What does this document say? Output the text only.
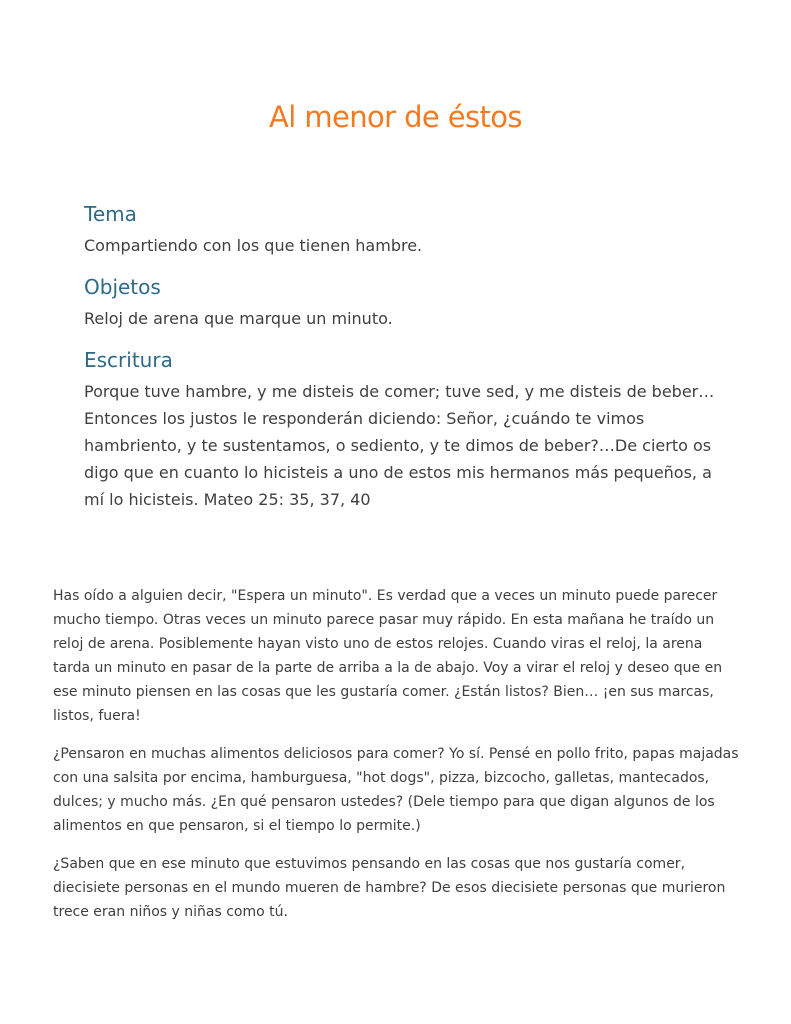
Al menor de éstos
Tema

Compartiendo con los que tienen hambre.

Objetos

Reloj de arena que marque un minuto.

Escritura

Porque tuve hambre, y me disteis de comer; tuve sed, y me disteis de beber… Entonces los justos le responderán diciendo: Señor, ¿cuándo te vimos hambriento, y te sustentamos, o sediento, y te dimos de beber?…De cierto os digo que en cuanto lo hicisteis a uno de estos mis hermanos más pequeños, a mí lo hicisteis. Mateo 25: 35, 37, 40

Has oído a alguien decir, "Espera un minuto". Es verdad que a veces un minuto puede parecer mucho tiempo. Otras veces un minuto parece pasar muy rápido. En esta mañana he traído un reloj de arena. Posiblemente hayan visto uno de estos relojes. Cuando viras el reloj, la arena tarda un minuto en pasar de la parte de arriba a la de abajo. Voy a virar el reloj y deseo que en ese minuto piensen en las cosas que les gustaría comer. ¿Están listos? Bien… ¡en sus marcas, listos, fuera!

¿Pensaron en muchas alimentos deliciosos para comer? Yo sí. Pensé en pollo frito, papas majadas con una salsita por encima, hamburguesa, "hot dogs", pizza, bizcocho, galletas, mantecados, dulces; y mucho más. ¿En qué pensaron ustedes? (Dele tiempo para que digan algunos de los alimentos en que pensaron, si el tiempo lo permite.)

¿Saben que en ese minuto que estuvimos pensando en las cosas que nos gustaría comer, diecisiete personas en el mundo mueren de hambre? De esos diecisiete personas que murieron trece eran niños y niñas como tú.
